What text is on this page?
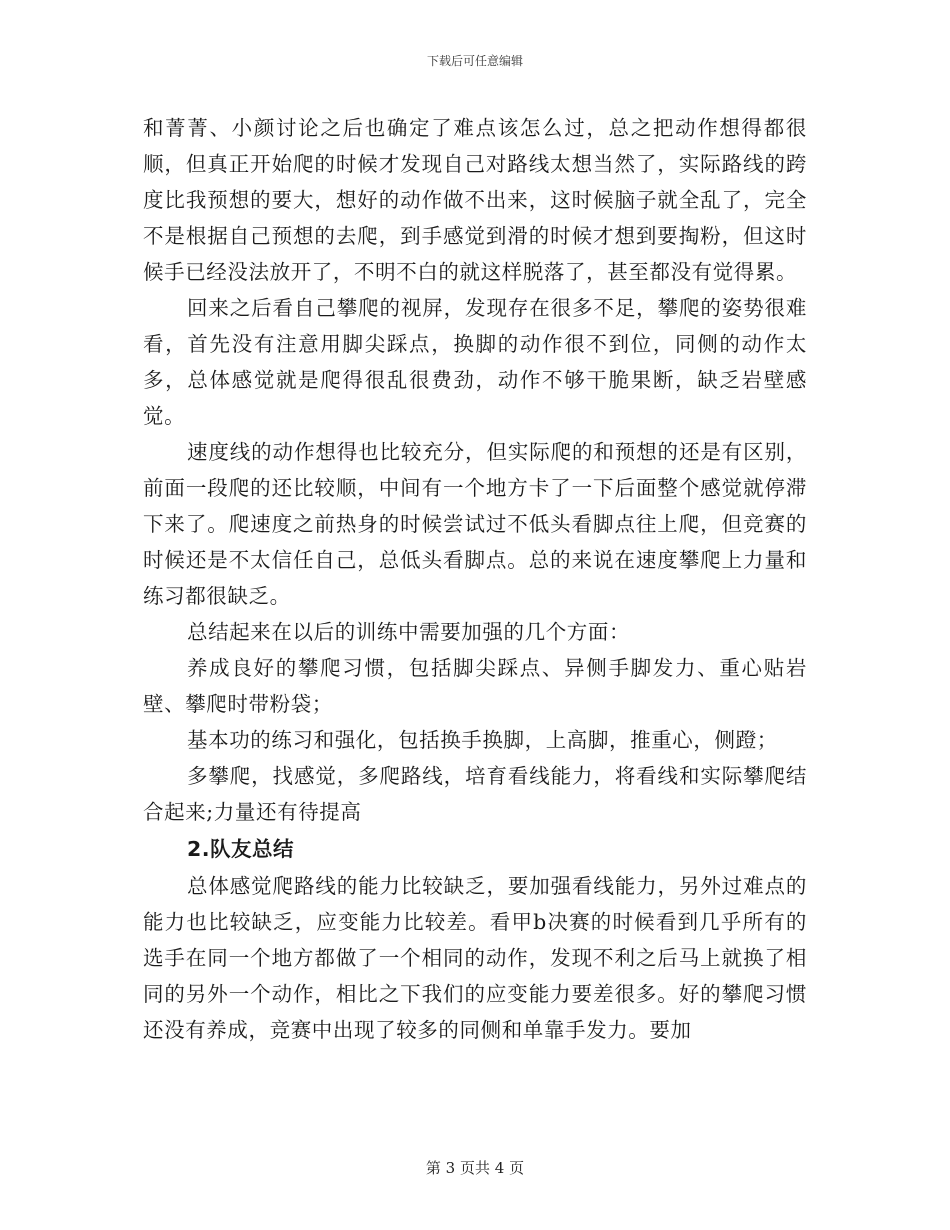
下载后可任意编辑

和菁菁、小颜讨论之后也确定了难点该怎么过，总之把动作想得都很顺，但真正开始爬的时候才发现自己对路线太想当然了，实际路线的跨度比我预想的要大，想好的动作做不出来，这时候脑子就全乱了，完全不是根据自己预想的去爬，到手感觉到滑的时候才想到要掏粉，但这时候手已经没法放开了，不明不白的就这样脱落了，甚至都没有觉得累。

回来之后看自己攀爬的视屏，发现存在很多不足，攀爬的姿势很难看，首先没有注意用脚尖踩点，换脚的动作很不到位，同侧的动作太多，总体感觉就是爬得很乱很费劲，动作不够干脆果断，缺乏岩壁感觉。

速度线的动作想得也比较充分，但实际爬的和预想的还是有区别，前面一段爬的还比较顺，中间有一个地方卡了一下后面整个感觉就停滞下来了。爬速度之前热身的时候尝试过不低头看脚点往上爬，但竞赛的时候还是不太信任自己，总低头看脚点。总的来说在速度攀爬上力量和练习都很缺乏。

总结起来在以后的训练中需要加强的几个方面：

养成良好的攀爬习惯，包括脚尖踩点、异侧手脚发力、重心贴岩壁、攀爬时带粉袋；

基本功的练习和强化，包括换手换脚，上高脚，推重心，侧蹬；

多攀爬，找感觉，多爬路线，培育看线能力，将看线和实际攀爬结合起来;力量还有待提高

2.队友总结

总体感觉爬路线的能力比较缺乏，要加强看线能力，另外过难点的能力也比较缺乏，应变能力比较差。看甲b决赛的时候看到几乎所有的选手在同一个地方都做了一个相同的动作，发现不利之后马上就换了相同的另外一个动作，相比之下我们的应变能力要差很多。好的攀爬习惯还没有养成，竞赛中出现了较多的同侧和单靠手发力。要加

第 3 页共 4 页
